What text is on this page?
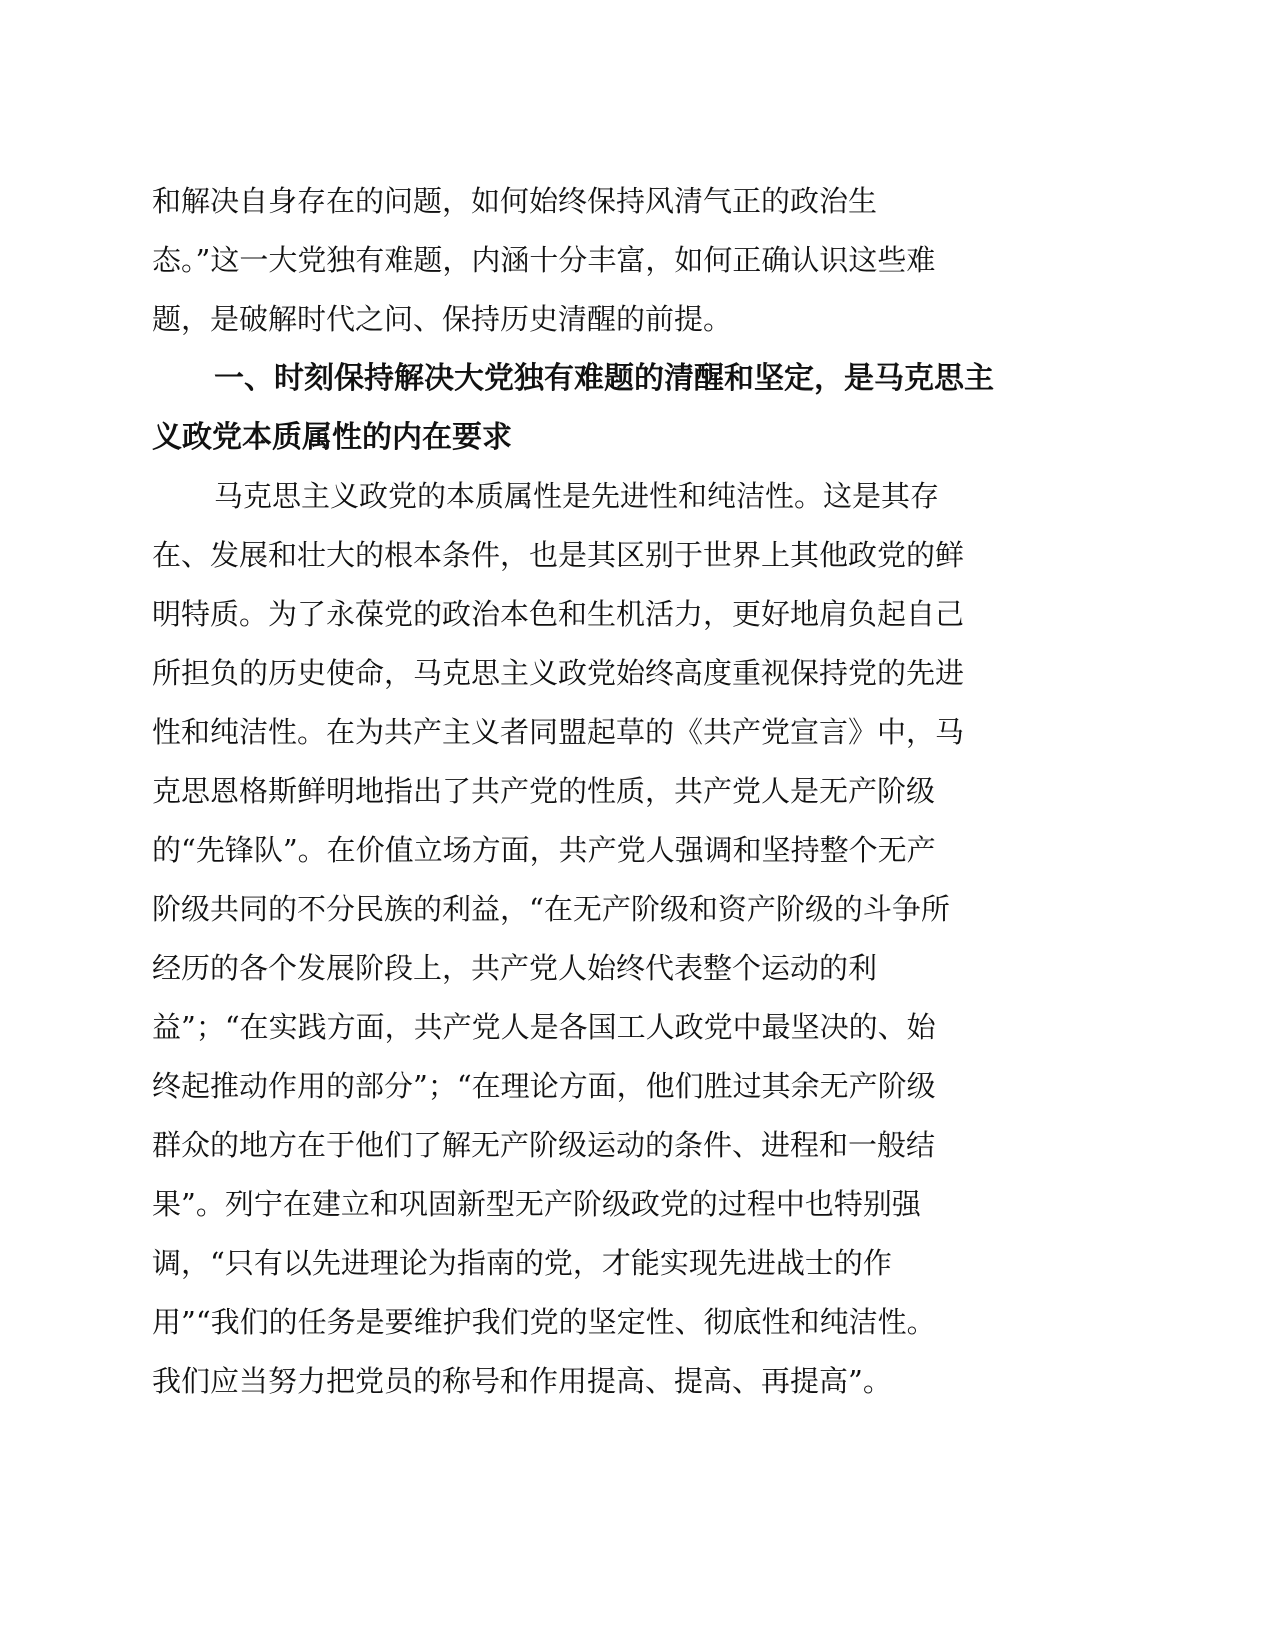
和解决自身存在的问题，如何始终保持风清气正的政治生
态。”这一大党独有难题，内涵十分丰富，如何正确认识这些难
题，是破解时代之问、保持历史清醒的前提。
一、时刻保持解决大党独有难题的清醒和坚定，是马克思主
义政党本质属性的内在要求
马克思主义政党的本质属性是先进性和纯洁性。这是其存
在、发展和壮大的根本条件，也是其区别于世界上其他政党的鲜
明特质。为了永葆党的政治本色和生机活力，更好地肩负起自己
所担负的历史使命，马克思主义政党始终高度重视保持党的先进
性和纯洁性。在为共产主义者同盟起草的《共产党宣言》中，马
克思恩格斯鲜明地指出了共产党的性质，共产党人是无产阶级
的“先锋队”。在价值立场方面，共产党人强调和坚持整个无产
阶级共同的不分民族的利益，“在无产阶级和资产阶级的斗争所
经历的各个发展阶段上，共产党人始终代表整个运动的利
益”；“在实践方面，共产党人是各国工人政党中最坚决的、始
终起推动作用的部分”；“在理论方面，他们胜过其余无产阶级
群众的地方在于他们了解无产阶级运动的条件、进程和一般结
果”。列宁在建立和巩固新型无产阶级政党的过程中也特别强
调，“只有以先进理论为指南的党，才能实现先进战士的作
用”“我们的任务是要维护我们党的坚定性、彻底性和纯洁性。
我们应当努力把党员的称号和作用提高、提高、再提高”。
